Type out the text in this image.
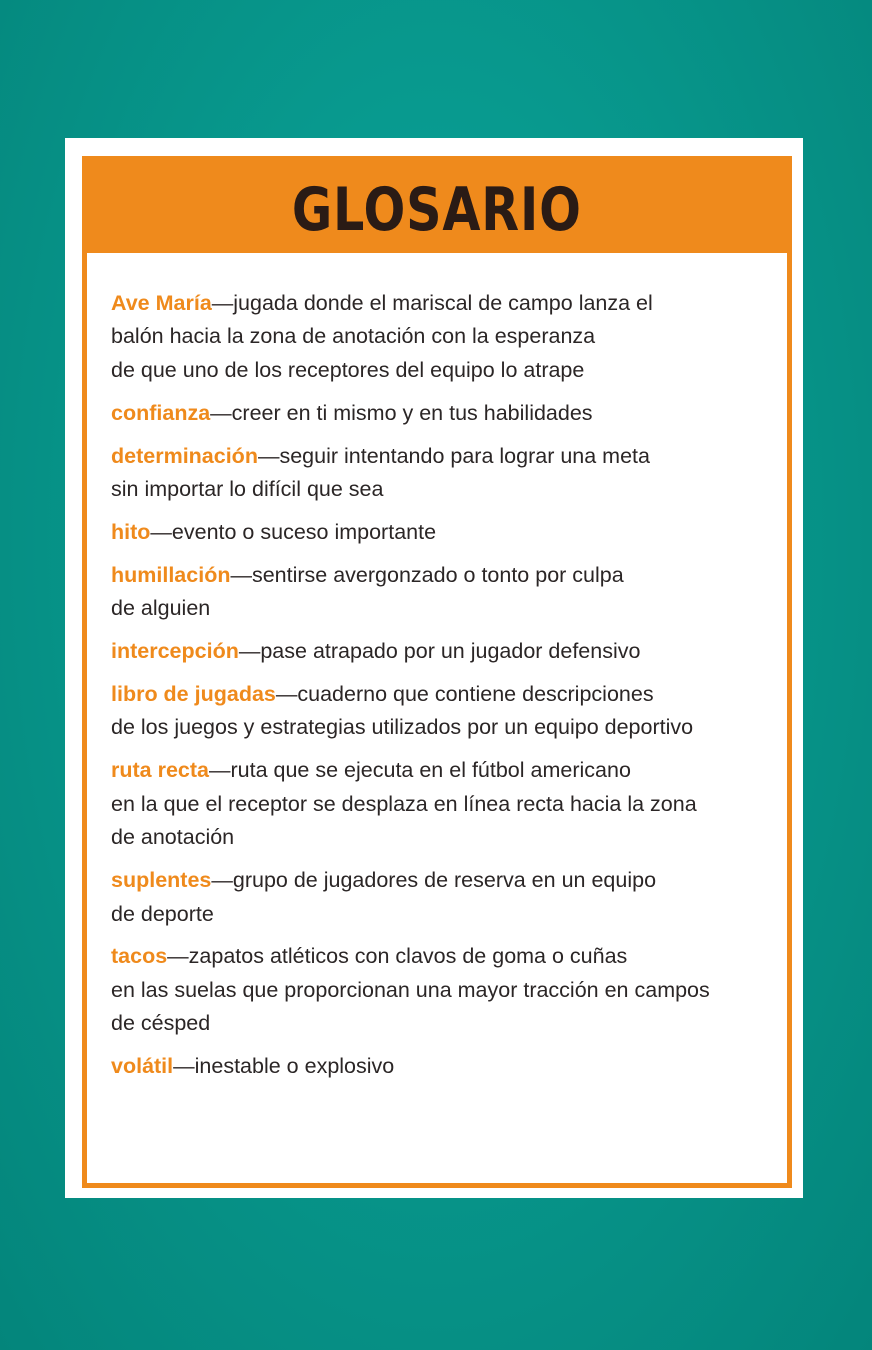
GLOSARIO
Ave María—jugada donde el mariscal de campo lanza el
balón hacia la zona de anotación con la esperanza
de que uno de los receptores del equipo lo atrape
confianza—creer en ti mismo y en tus habilidades
determinación—seguir intentando para lograr una meta
sin importar lo difícil que sea
hito—evento o suceso importante
humillación—sentirse avergonzado o tonto por culpa
de alguien
intercepción—pase atrapado por un jugador defensivo
libro de jugadas—cuaderno que contiene descripciones
de los juegos y estrategias utilizados por un equipo deportivo
ruta recta—ruta que se ejecuta en el fútbol americano
en la que el receptor se desplaza en línea recta hacia la zona
de anotación
suplentes—grupo de jugadores de reserva en un equipo
de deporte
tacos—zapatos atléticos con clavos de goma o cuñas
en las suelas que proporcionan una mayor tracción en campos
de césped
volátil—inestable o explosivo
